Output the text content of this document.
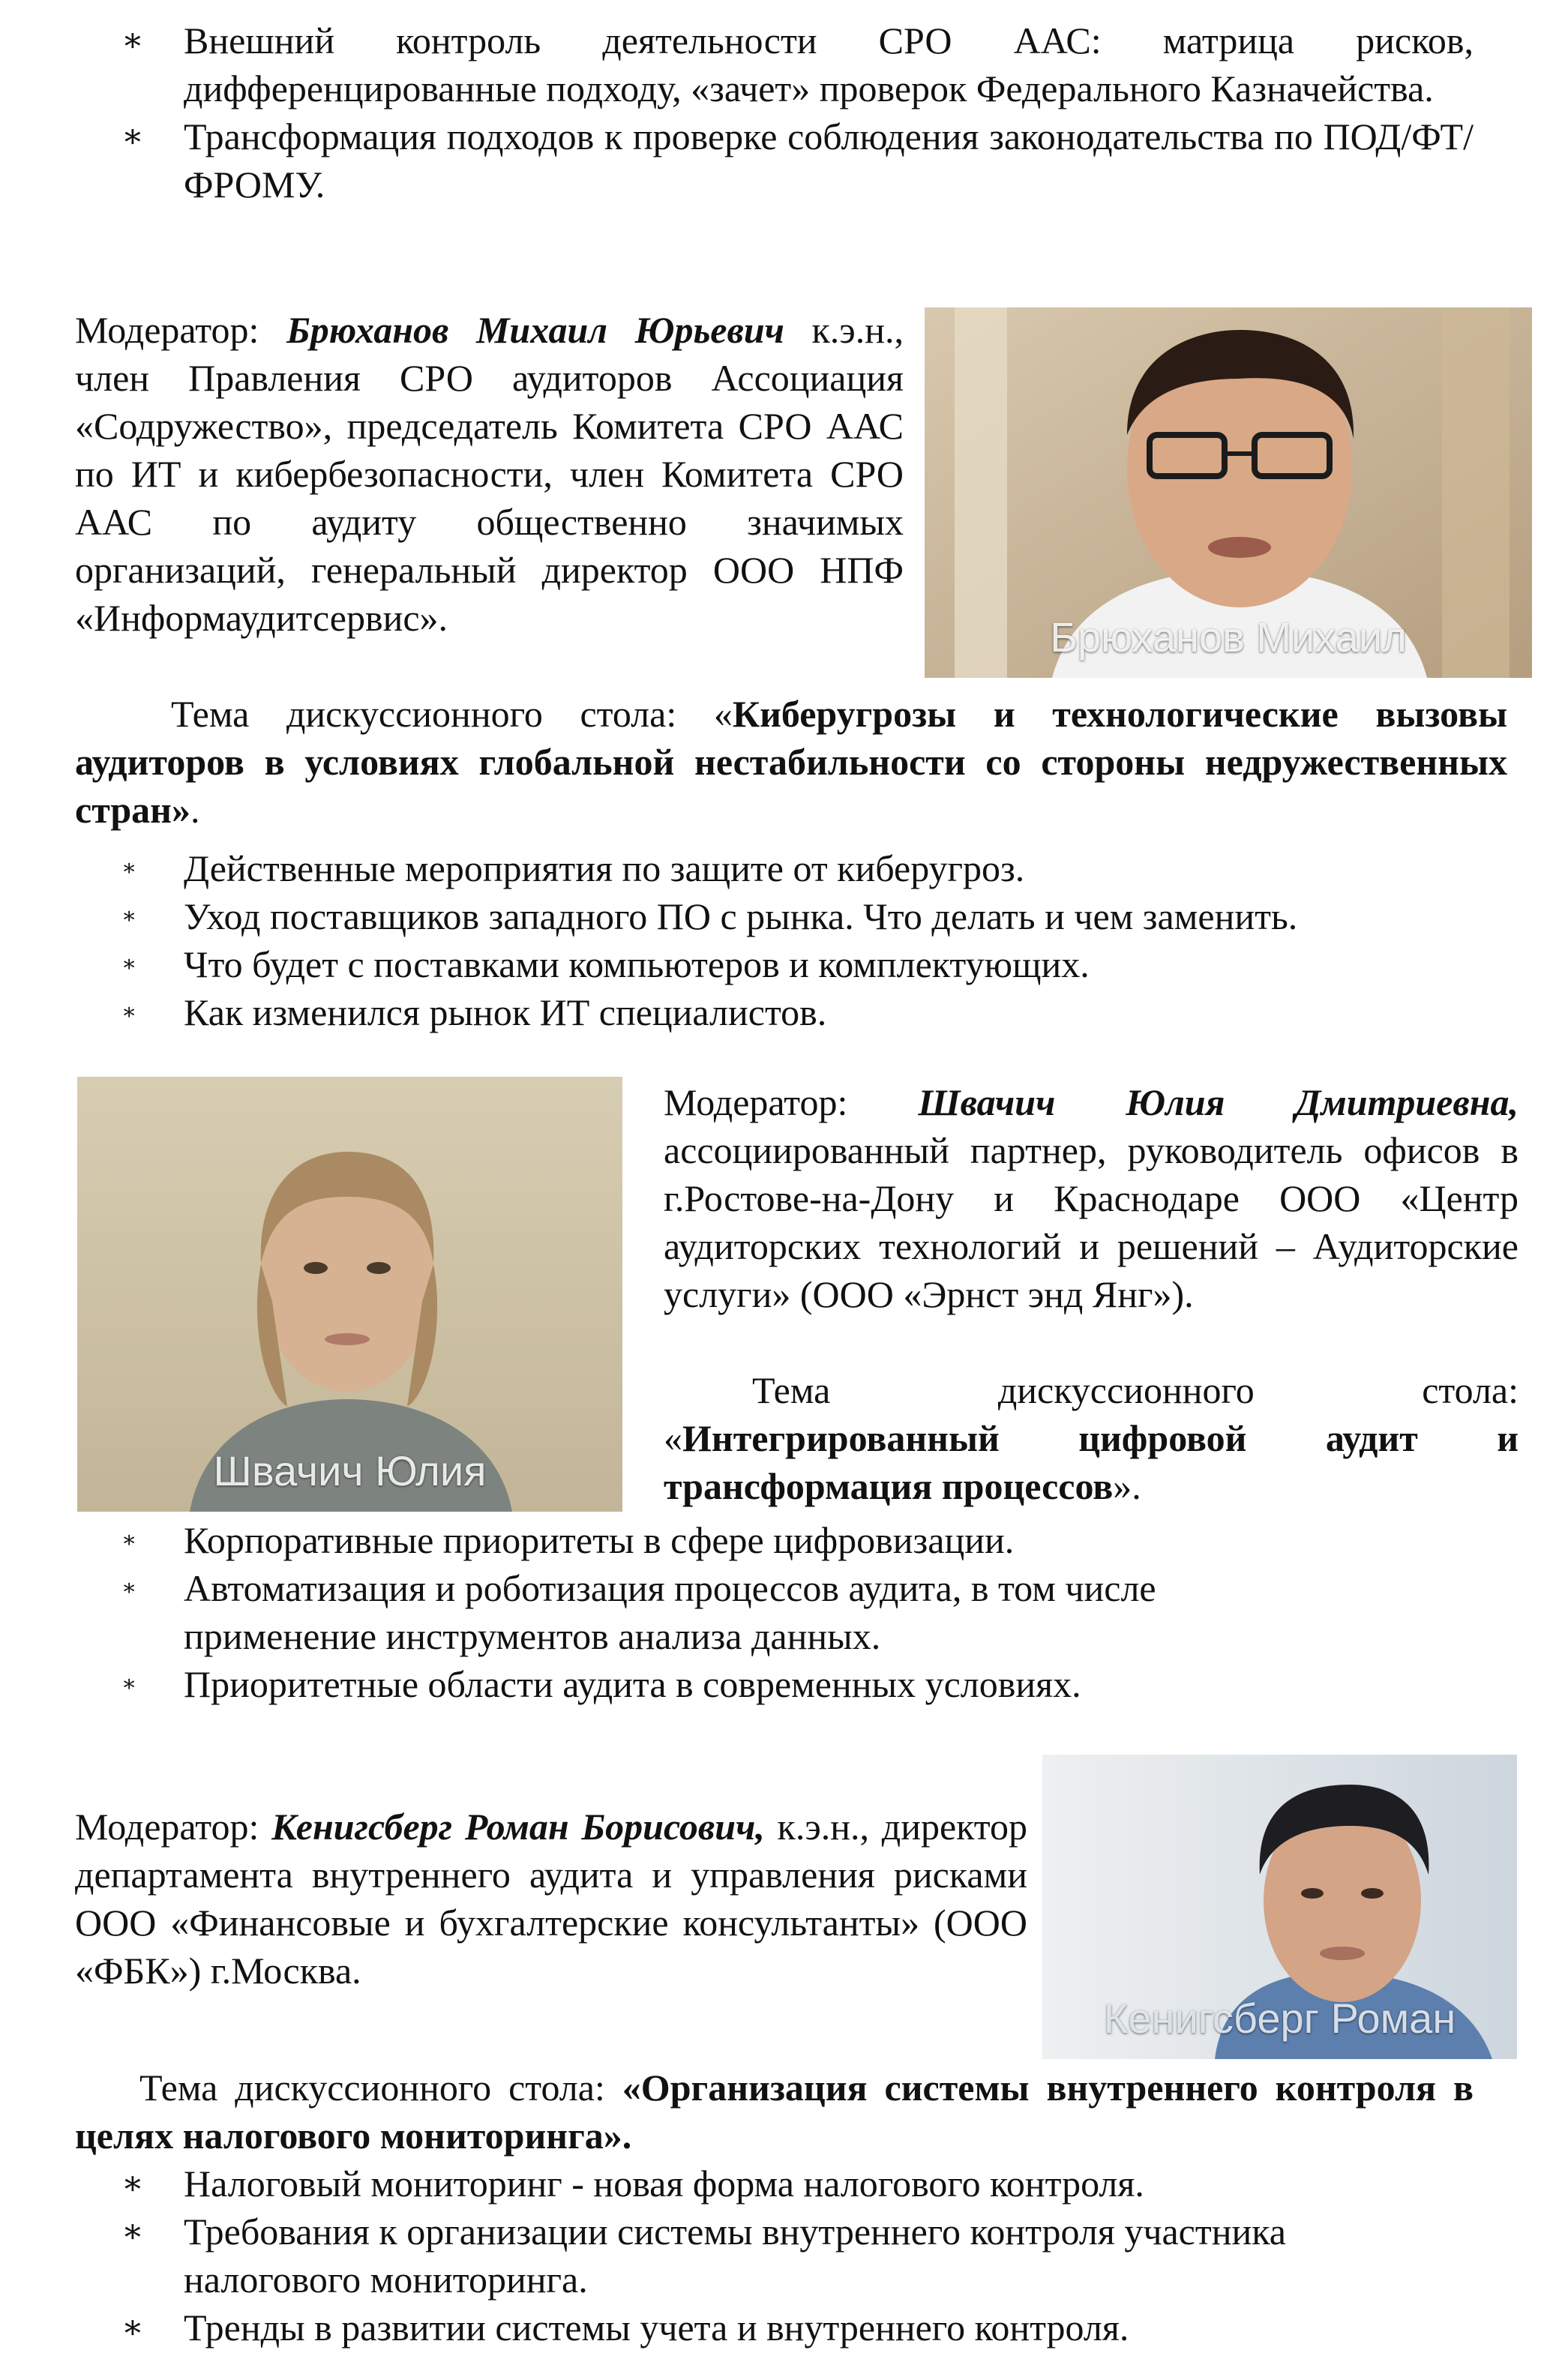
∗ Внешний контроль деятельности СРО ААС: матрица рисков, дифференцированные подходу, «зачет» проверок Федерального Казначейства.
∗ Трансформация подходов к проверке соблюдения законодательства по ПОД/ФТ/ФРОМУ.
Модератор: Брюханов Михаил Юрьевич к.э.н., член Правления СРО аудиторов Ассоциация «Содружество», председатель Комитета СРО ААС по ИТ и кибербезопасности, член Комитета СРО ААС по аудиту общественно значимых организаций, генеральный директор ООО НПФ «Информаудитсервис».	Брюханов Михаил
Тема дискуссионного стола: «Киберугрозы и технологические вызовы аудиторов в условиях глобальной нестабильности со стороны недружественных стран».
∗ Действенные мероприятия по защите от киберугроз.
∗ Уход поставщиков западного ПО с рынка. Что делать и чем заменить.
∗ Что будет с поставками компьютеров и комплектующих.
∗ Как изменился рынок ИТ специалистов.
Швачич Юлия
Модератор: Швачич Юлия Дмитриевна, ассоциированный партнер, руководитель офисов в г.Ростове-на-Дону и Краснодаре ООО «Центр аудиторских технологий и решений – Аудиторские услуги» (ООО «Эрнст энд Янг»).
Тема дискуссионного стола: «Интегрированный цифровой аудит и трансформация процессов».
∗ Корпоративные приоритеты в сфере цифровизации.
∗ Автоматизация и роботизация процессов аудита, в том числе применение инструментов анализа данных.
∗ Приоритетные области аудита в современных условиях.
Модератор: Кенигсберг Роман Борисович, к.э.н., директор департамента внутреннего аудита и управления рисками ООО «Финансовые и бухгалтерские консультанты» (ООО «ФБК») г.Москва.
Кенигсберг Роман
Тема дискуссионного стола: «Организация системы внутреннего контроля в целях налогового мониторинга».
∗ Налоговый мониторинг - новая форма налогового контроля.
∗ Требования к организации системы внутреннего контроля участника налогового мониторинга.
∗ Тренды в развитии системы учета и внутреннего контроля.
